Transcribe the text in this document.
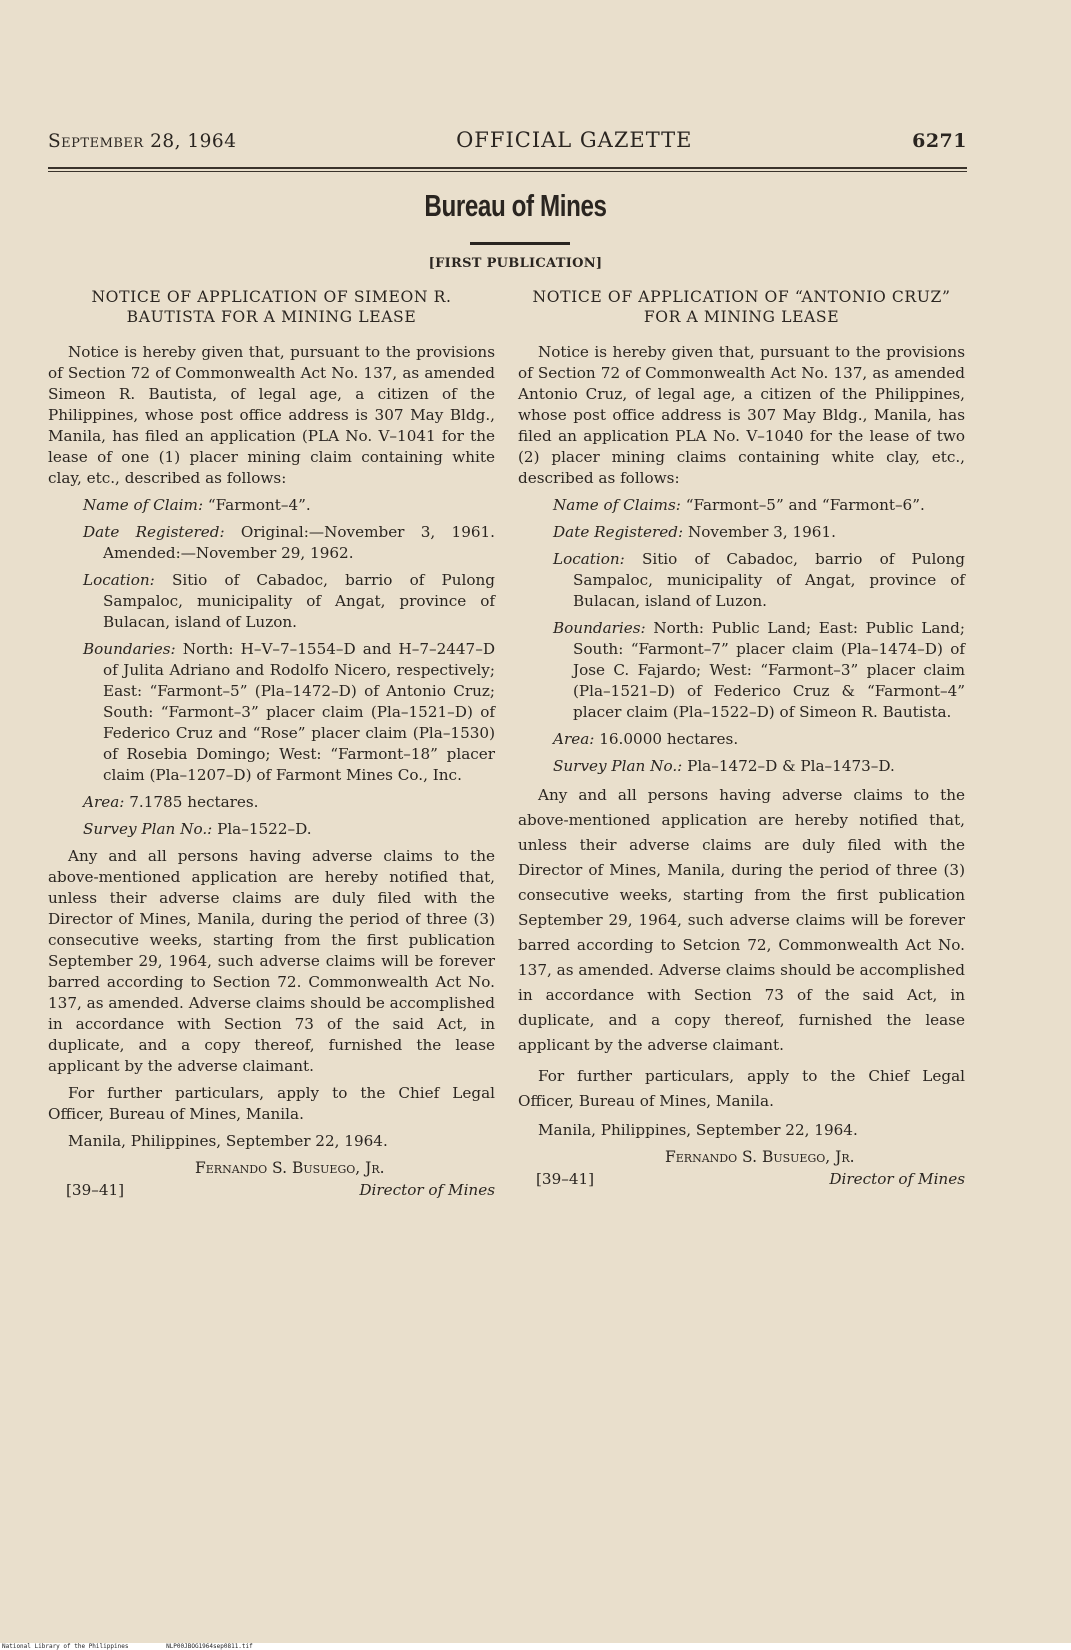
September 28, 1964	OFFICIAL GAZETTE	6271
Bureau of Mines
[FIRST PUBLICATION]
NOTICE OF APPLICATION OF SIMEON R. BAUTISTA FOR A MINING LEASE

Notice is hereby given that, pursuant to the provisions of Section 72 of Commonwealth Act No. 137, as amended Simeon R. Bautista, of legal age, a citizen of the Philippines, whose post office address is 307 May Bldg., Manila, has filed an application (PLA No. V–1041 for the lease of one (1) placer mining claim containing white clay, etc., described as follows:

Name of Claim: “Farmont–4”.

Date Registered: Original:—November 3, 1961. Amended:—November 29, 1962.

Location: Sitio of Cabadoc, barrio of Pulong Sampaloc, municipality of Angat, province of Bulacan, island of Luzon.

Boundaries: North: H–V–7–1554–D and H–7–2447–D of Julita Adriano and Rodolfo Nicero, respectively; East: “Farmont–5” (Pla–1472–D) of Antonio Cruz; South: “Farmont–3” placer claim (Pla–1521–D) of Federico Cruz and “Rose” placer claim (Pla–1530) of Rosebia Domingo; West: “Farmont–18” placer claim (Pla–1207–D) of Farmont Mines Co., Inc.

Area: 7.1785 hectares.

Survey Plan No.: Pla–1522–D.

Any and all persons having adverse claims to the above-mentioned application are hereby notified that, unless their adverse claims are duly filed with the Director of Mines, Manila, during the period of three (3) consecutive weeks, starting from the first publication September 29, 1964, such adverse claims will be forever barred according to Section 72. Commonwealth Act No. 137, as amended. Adverse claims should be accomplished in accordance with Section 73 of the said Act, in duplicate, and a copy thereof, furnished the lease applicant by the adverse claimant.

For further particulars, apply to the Chief Legal Officer, Bureau of Mines, Manila.

Manila, Philippines, September 22, 1964.

Fernando S. Busuego, Jr.
[39–41]	Director of Mines
NOTICE OF APPLICATION OF “ANTONIO CRUZ” FOR A MINING LEASE

Notice is hereby given that, pursuant to the provisions of Section 72 of Commonwealth Act No. 137, as amended Antonio Cruz, of legal age, a citizen of the Philippines, whose post office address is 307 May Bldg., Manila, has filed an application PLA No. V–1040 for the lease of two (2) placer mining claims containing white clay, etc., described as follows:

Name of Claims: “Farmont–5” and “Farmont–6”.

Date Registered: November 3, 1961.

Location: Sitio of Cabadoc, barrio of Pulong Sampaloc, municipality of Angat, province of Bulacan, island of Luzon.

Boundaries: North: Public Land; East: Public Land; South: “Farmont–7” placer claim (Pla–1474–D) of Jose C. Fajardo; West: “Farmont–3” placer claim (Pla–1521–D) of Federico Cruz & “Farmont–4” placer claim (Pla–1522–D) of Simeon R. Bautista.

Area: 16.0000 hectares.

Survey Plan No.: Pla–1472–D & Pla–1473–D.

Any and all persons having adverse claims to the above-mentioned application are hereby notified that, unless their adverse claims are duly filed with the Director of Mines, Manila, during the period of three (3) consecutive weeks, starting from the first publication September 29, 1964, such adverse claims will be forever barred according to Setcion 72, Commonwealth Act No. 137, as amended. Adverse claims should be accomplished in accordance with Section 73 of the said Act, in duplicate, and a copy thereof, furnished the lease applicant by the adverse claimant.

For further particulars, apply to the Chief Legal Officer, Bureau of Mines, Manila.

Manila, Philippines, September 22, 1964.

Fernando S. Busuego, Jr.
[39–41]	Director of Mines
National Library of the Philippines	NLP00JBOG1964sep0811.tif
